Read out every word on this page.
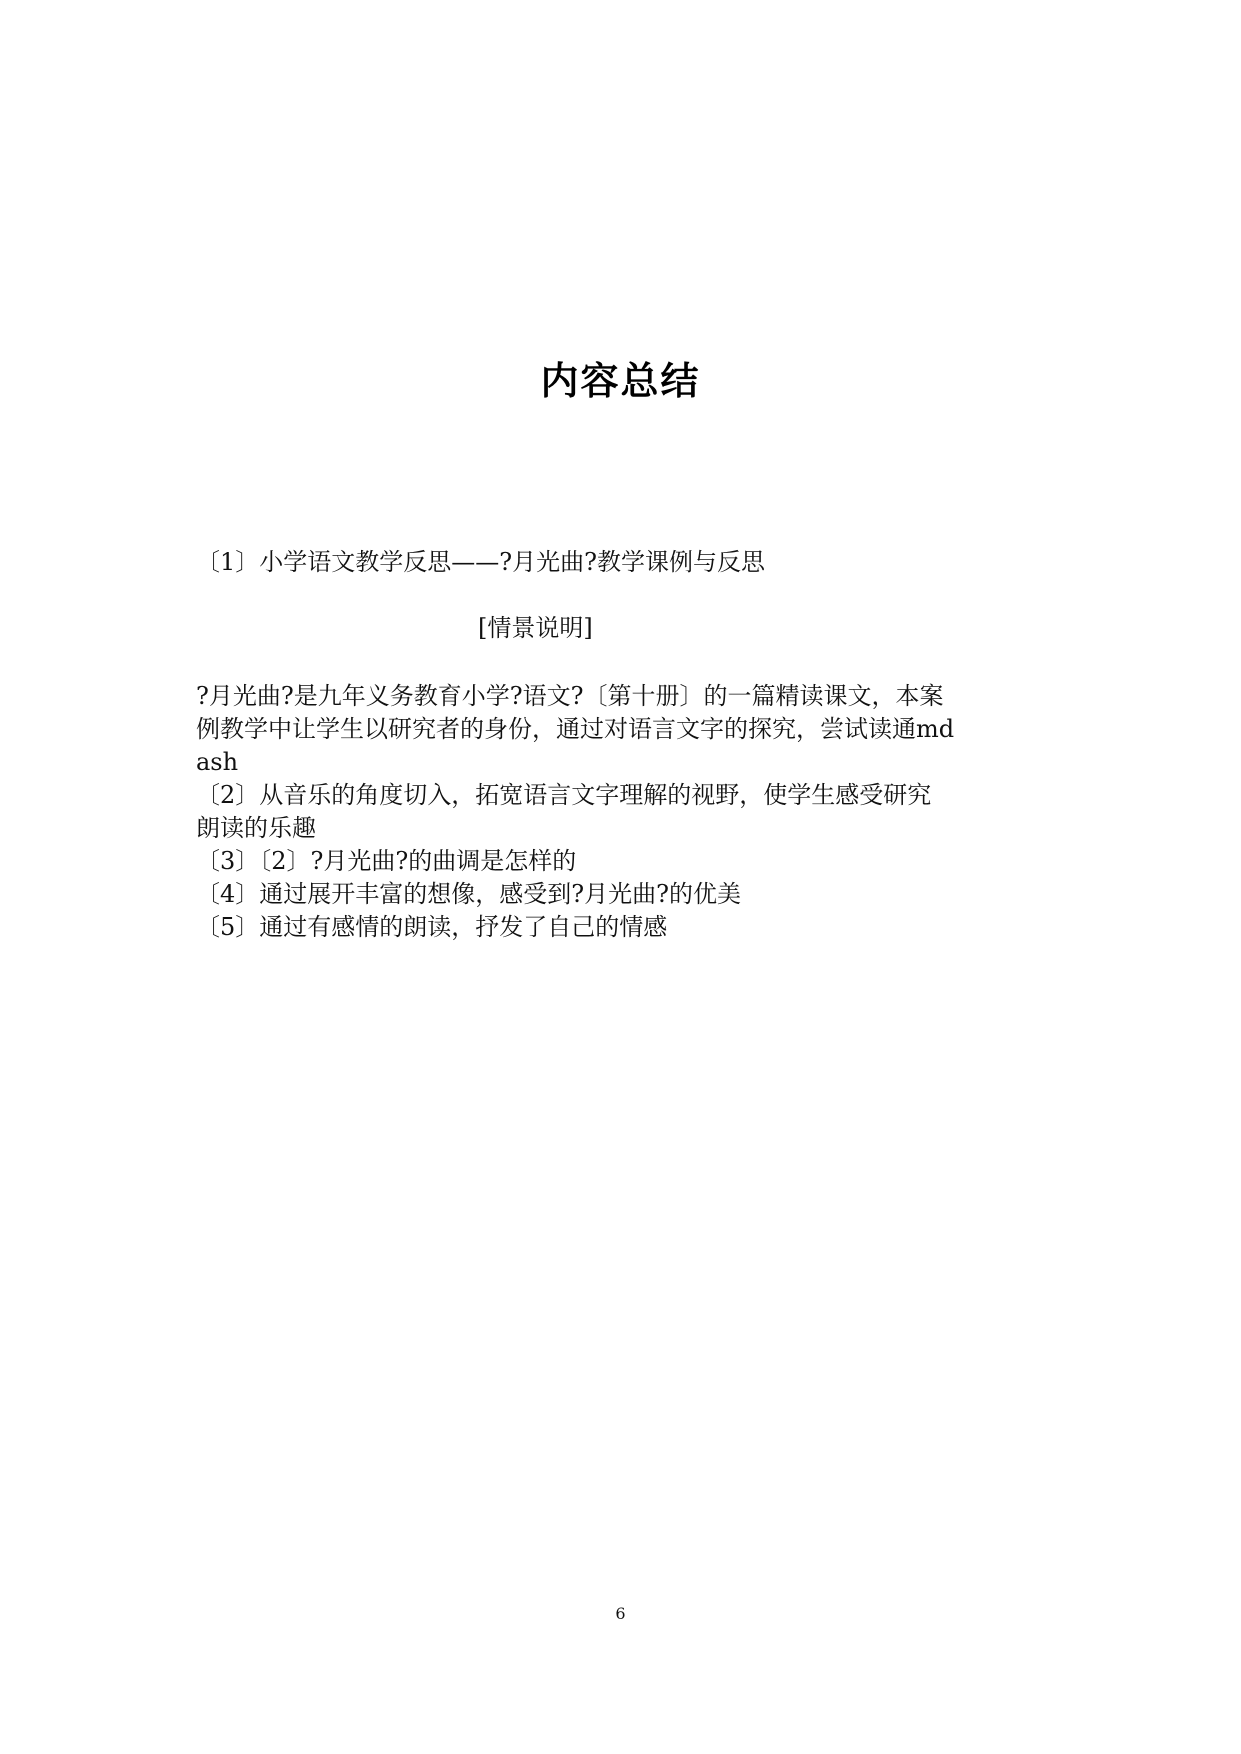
内容总结
〔1〕小学语文教学反思——?月光曲?教学课例与反思
[情景说明]
?月光曲?是九年义务教育小学?语文?〔第十册〕的一篇精读课文，本案
例教学中让学生以研究者的身份，通过对语言文字的探究，尝试读通md
ash
〔2〕从音乐的角度切入，拓宽语言文字理解的视野，使学生感受研究
朗读的乐趣
〔3〕〔2〕?月光曲?的曲调是怎样的
〔4〕通过展开丰富的想像，感受到?月光曲?的优美
〔5〕通过有感情的朗读，抒发了自己的情感
6
